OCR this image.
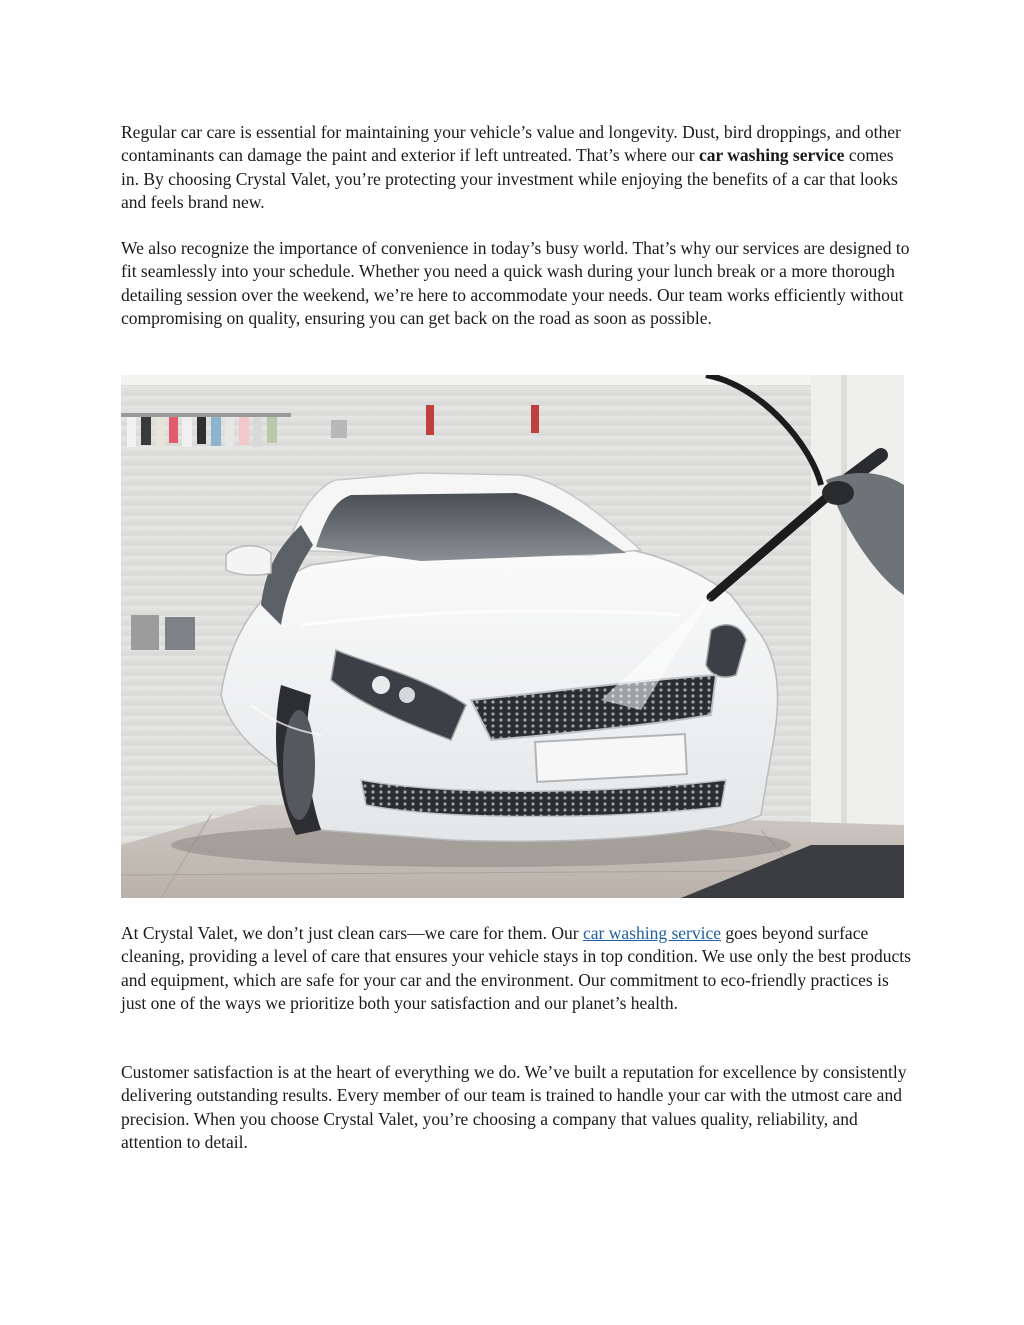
Regular car care is essential for maintaining your vehicle’s value and longevity. Dust, bird droppings, and other contaminants can damage the paint and exterior if left untreated. That’s where our car washing service comes in. By choosing Crystal Valet, you’re protecting your investment while enjoying the benefits of a car that looks and feels brand new.

We also recognize the importance of convenience in today’s busy world. That’s why our services are designed to fit seamlessly into your schedule. Whether you need a quick wash during your lunch break or a more thorough detailing session over the weekend, we’re here to accommodate your needs. Our team works efficiently without compromising on quality, ensuring you can get back on the road as soon as possible.

At Crystal Valet, we don’t just clean cars—we care for them. Our car washing service goes beyond surface cleaning, providing a level of care that ensures your vehicle stays in top condition. We use only the best products and equipment, which are safe for your car and the environment. Our commitment to eco-friendly practices is just one of the ways we prioritize both your satisfaction and our planet’s health.

Customer satisfaction is at the heart of everything we do. We’ve built a reputation for excellence by consistently delivering outstanding results. Every member of our team is trained to handle your car with the utmost care and precision. When you choose Crystal Valet, you’re choosing a company that values quality, reliability, and attention to detail.
